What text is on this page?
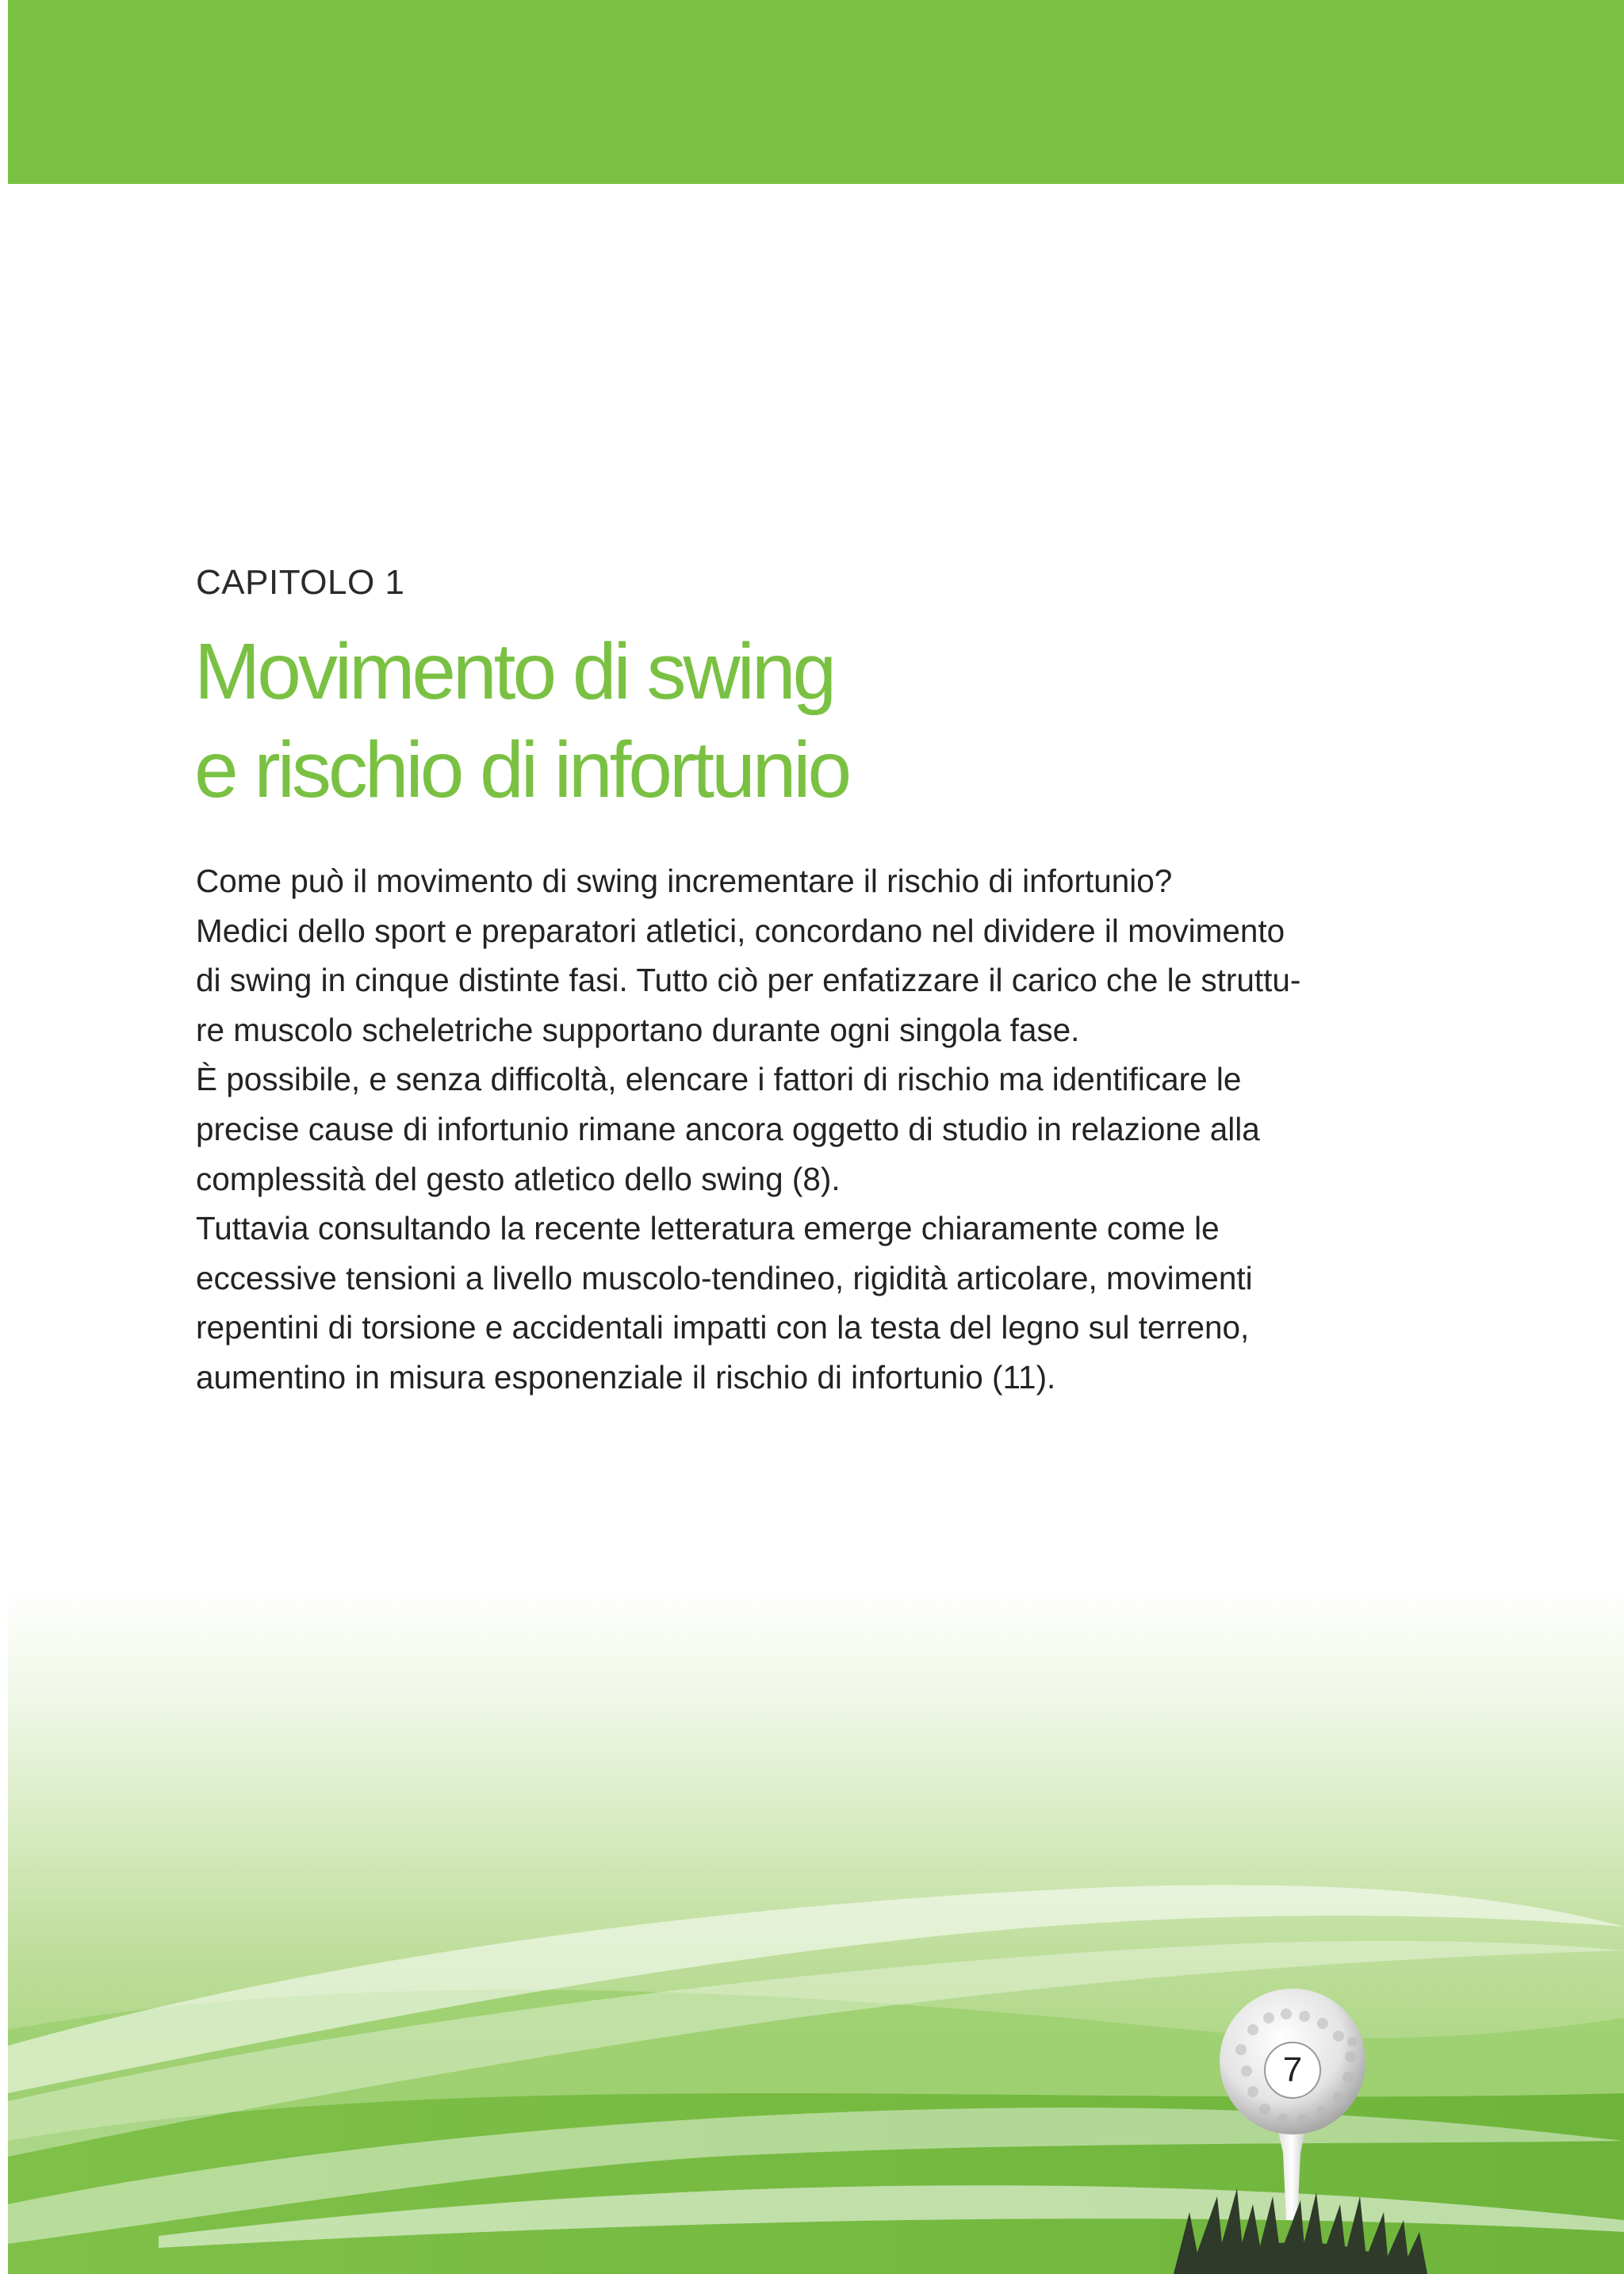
CAPITOLO 1
Movimento di swing
e rischio di infortunio

Come può il movimento di swing incrementare il rischio di infortunio?
Medici dello sport e preparatori atletici, concordano nel dividere il movimento
di swing in cinque distinte fasi. Tutto ciò per enfatizzare il carico che le struttu-
re muscolo scheletriche supportano durante ogni singola fase.
È possibile, e senza difficoltà, elencare i fattori di rischio ma identificare le
precise cause di infortunio rimane ancora oggetto di studio in relazione alla
complessità del gesto atletico dello swing (8).
Tuttavia consultando la recente letteratura emerge chiaramente come le
eccessive tensioni a livello muscolo-tendineo, rigidità articolare, movimenti
repentini di torsione e accidentali impatti con la testa del legno sul terreno,
aumentino in misura esponenziale il rischio di infortunio (11).

7
